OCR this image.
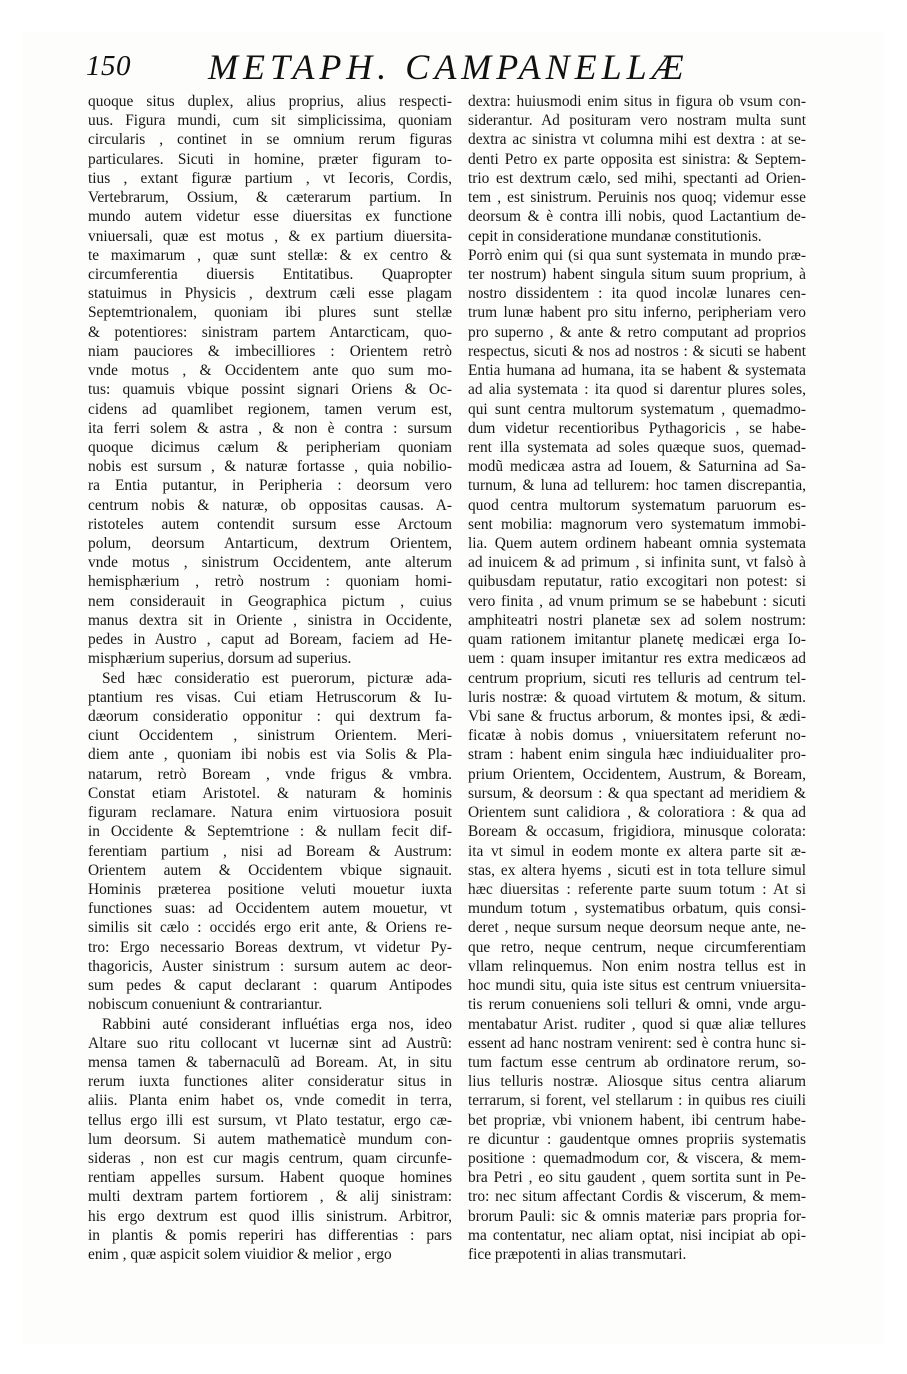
150 METAPH. CAMPANELLÆ
quoque situs duplex, alius proprius, alius respecti-
uus. Figura mundi, cum sit simplicissima, quoniam
circularis , continet in se omnium rerum figuras
particulares. Sicuti in homine, præter figuram to-
tius , extant figuræ partium , vt Iecoris, Cordis,
Vertebrarum, Ossium, & cæterarum partium. In
mundo autem videtur esse diuersitas ex functione
vniuersali, quæ est motus , & ex partium diuersita-
te maximarum , quæ sunt stellæ: & ex centro &
circumferentia diuersis Entitatibus. Quapropter
statuimus in Physicis , dextrum cæli esse plagam
Septemtrionalem, quoniam ibi plures sunt stellæ
& potentiores: sinistram partem Antarcticam, quo-
niam pauciores & imbecilliores : Orientem retrò
vnde motus , & Occidentem ante quo sum mo-
tus: quamuis vbique possint signari Oriens & Oc-
cidens ad quamlibet regionem, tamen verum est,
ita ferri solem & astra , & non è contra : sursum
quoque dicimus cælum & peripheriam quoniam
nobis est sursum , & naturæ fortasse , quia nobilio-
ra Entia putantur, in Peripheria : deorsum vero
centrum nobis & naturæ, ob oppositas causas. A-
ristoteles autem contendit sursum esse Arctoum
polum, deorsum Antarticum, dextrum Orientem,
vnde motus , sinistrum Occidentem, ante alterum
hemisphærium , retrò nostrum : quoniam homi-
nem considerauit in Geographica pictum , cuius
manus dextra sit in Oriente , sinistra in Occidente,
pedes in Austro , caput ad Boream, faciem ad He-
misphærium superius, dorsum ad superius.
Sed hæc consideratio est puerorum, picturæ ada-
ptantium res visas. Cui etiam Hetruscorum & Iu-
dæorum consideratio opponitur : qui dextrum fa-
ciunt Occidentem , sinistrum Orientem. Meri-
diem ante , quoniam ibi nobis est via Solis & Pla-
natarum, retrò Boream , vnde frigus & vmbra.
Constat etiam Aristotel. & naturam & hominis
figuram reclamare. Natura enim virtuosiora posuit
in Occidente & Septemtrione : & nullam fecit dif-
ferentiam partium , nisi ad Boream & Austrum:
Orientem autem & Occidentem vbique signauit.
Hominis præterea positione veluti mouetur iuxta
functiones suas: ad Occidentem autem mouetur, vt
similis sit cælo : occidés ergo erit ante, & Oriens re-
tro: Ergo necessario Boreas dextrum, vt videtur Py-
thagoricis, Auster sinistrum : sursum autem ac deor-
sum pedes & caput declarant : quarum Antipodes
nobiscum conueniunt & contrariantur.
Rabbini auté considerant influétias erga nos, ideo
Altare suo ritu collocant vt lucernæ sint ad Austrũ:
mensa tamen & tabernaculũ ad Boream. At, in situ
rerum iuxta functiones aliter consideratur situs in
aliis. Planta enim habet os, vnde comedit in terra,
tellus ergo illi est sursum, vt Plato testatur, ergo cæ-
lum deorsum. Si autem mathematicè mundum con-
sideras , non est cur magis centrum, quam circunfe-
rentiam appelles sursum. Habent quoque homines
multi dextram partem fortiorem , & alij sinistram:
his ergo dextrum est quod illis sinistrum. Arbitror,
in plantis & pomis reperiri has differentias : pars
enim , quæ aspicit solem viuidior & melior , ergo
dextra: huiusmodi enim situs in figura ob vsum con-
siderantur. Ad posituram vero nostram multa sunt
dextra ac sinistra vt columna mihi est dextra : at se-
denti Petro ex parte opposita est sinistra: & Septem-
trio est dextrum cælo, sed mihi, spectanti ad Orien-
tem , est sinistrum. Peruinis nos quoq; videmur esse
deorsum & è contra illi nobis, quod Lactantium de-
cepit in consideratione mundanæ constitutionis.
Porrò enim qui (si qua sunt systemata in mundo præ-
ter nostrum) habent singula situm suum proprium, à
nostro dissidentem : ita quod incolæ lunares cen-
trum lunæ habent pro situ inferno, peripheriam vero
pro superno , & ante & retro computant ad proprios
respectus, sicuti & nos ad nostros : & sicuti se habent
Entia humana ad humana, ita se habent & systemata
ad alia systemata : ita quod si darentur plures soles,
qui sunt centra multorum systematum , quemadmo-
dum videtur recentioribus Pythagoricis , se habe-
rent illa systemata ad soles quæque suos, quemad-
modũ medicæa astra ad Iouem, & Saturnina ad Sa-
turnum, & luna ad tellurem: hoc tamen discrepantia,
quod centra multorum systematum paruorum es-
sent mobilia: magnorum vero systematum immobi-
lia. Quem autem ordinem habeant omnia systemata
ad inuicem & ad primum , si infinita sunt, vt falsò à
quibusdam reputatur, ratio excogitari non potest: si
vero finita , ad vnum primum se se habebunt : sicuti
amphiteatri nostri planetæ sex ad solem nostrum:
quam rationem imitantur planetę medicæi erga Io-
uem : quam insuper imitantur res extra medicæos ad
centrum proprium, sicuti res telluris ad centrum tel-
luris nostræ: & quoad virtutem & motum, & situm.
Vbi sane & fructus arborum, & montes ipsi, & ædi-
ficatæ à nobis domus , vniuersitatem referunt no-
stram : habent enim singula hæc indiuidualiter pro-
prium Orientem, Occidentem, Austrum, & Boream,
sursum, & deorsum : & qua spectant ad meridiem &
Orientem sunt calidiora , & coloratiora : & qua ad
Boream & occasum, frigidiora, minusque colorata:
ita vt simul in eodem monte ex altera parte sit æ-
stas, ex altera hyems , sicuti est in tota tellure simul
hæc diuersitas : referente parte suum totum : At si
mundum totum , systematibus orbatum, quis consi-
deret , neque sursum neque deorsum neque ante, ne-
que retro, neque centrum, neque circumferentiam
vllam relinquemus. Non enim nostra tellus est in
hoc mundi situ, quia iste situs est centrum vniuersita-
tis rerum conueniens soli telluri & omni, vnde argu-
mentabatur Arist. ruditer , quod si quæ aliæ tellures
essent ad hanc nostram venirent: sed è contra hunc si-
tum factum esse centrum ab ordinatore rerum, so-
lius telluris nostræ. Aliosque situs centra aliarum
terrarum, si forent, vel stellarum : in quibus res ciuili
bet propriæ, vbi vnionem habent, ibi centrum habe-
re dicuntur : gaudentque omnes propriis systematis
positione : quemadmodum cor, & viscera, & mem-
bra Petri , eo situ gaudent , quem sortita sunt in Pe-
tro: nec situm affectant Cordis & viscerum, & mem-
brorum Pauli: sic & omnis materiæ pars propria for-
ma contentatur, nec aliam optat, nisi incipiat ab opi-
fice præpotenti in alias transmutari.
